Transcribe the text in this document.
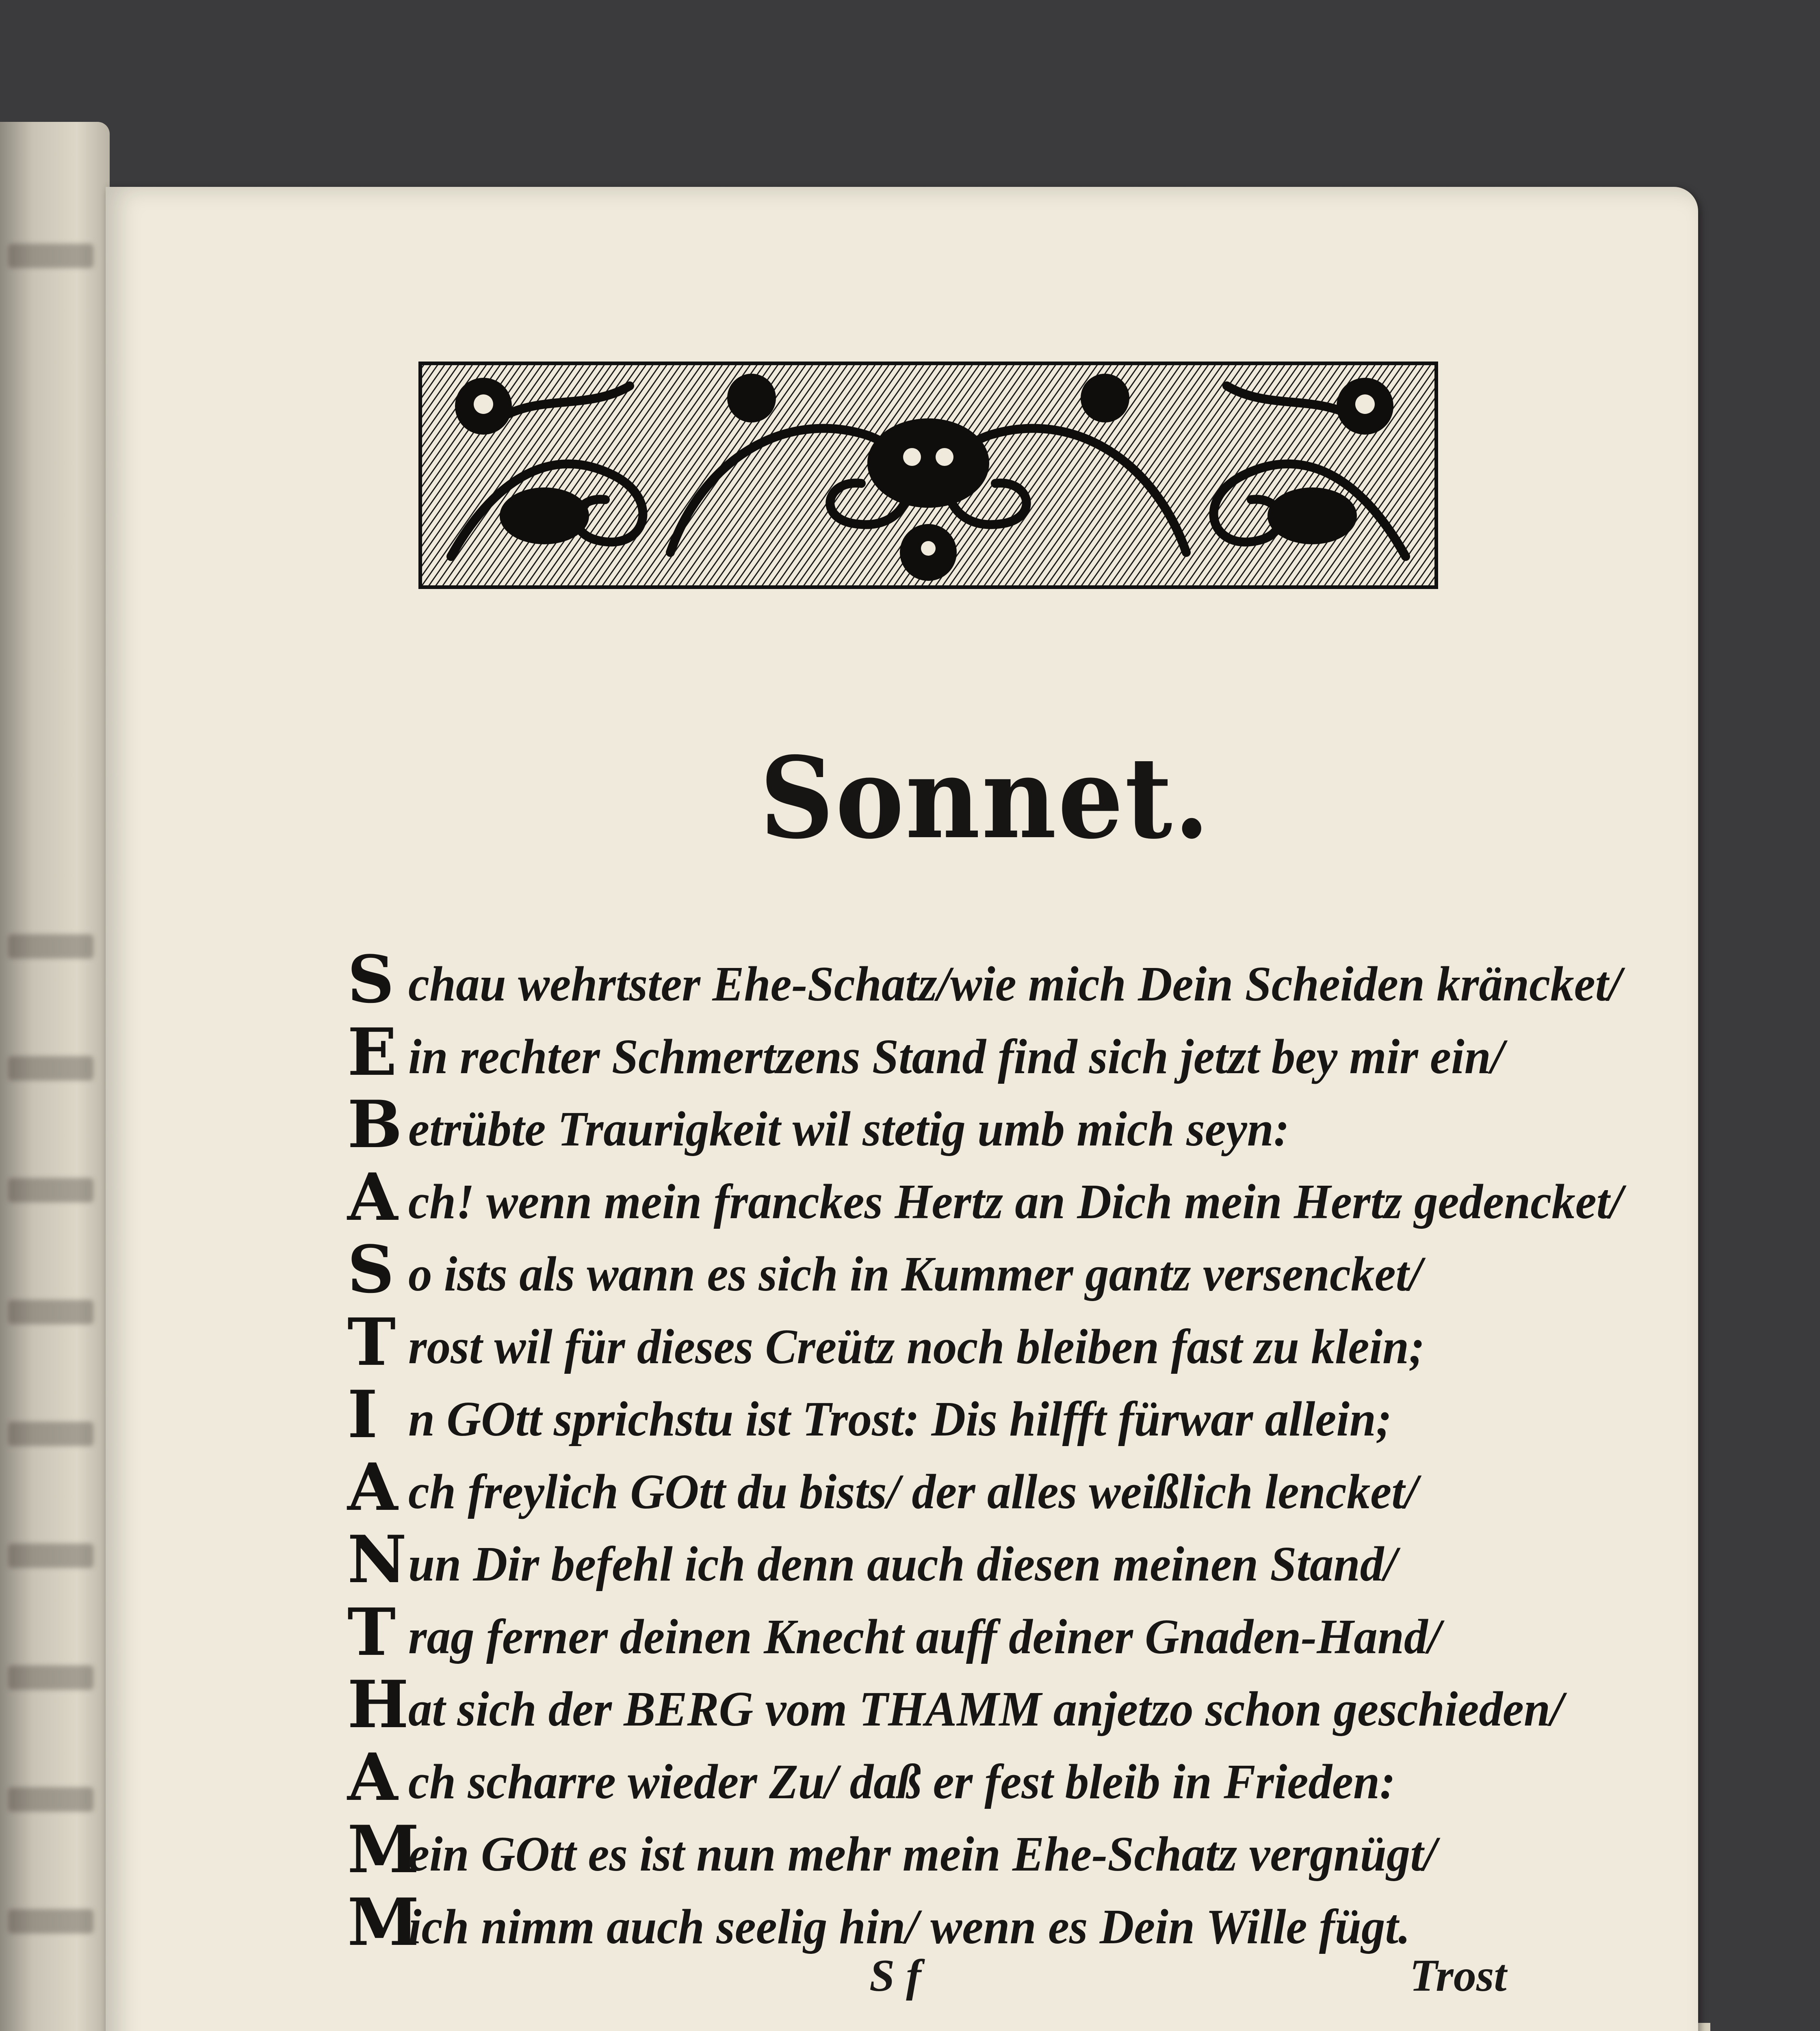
Sonnet.
S chau wehrtster Ehe-Schatz/wie mich Dein Scheiden kräncket/
E in rechter Schmertzens Stand find sich jetzt bey mir ein/
B etrübte Traurigkeit wil stetig umb mich seyn:
A ch! wenn mein franckes Hertz an Dich mein Hertz gedencket/
S o ists als wann es sich in Kummer gantz versencket/
T rost wil für dieses Creütz noch bleiben fast zu klein;
I n GOtt sprichstu ist Trost: Dis hilfft fürwar allein;
A ch freylich GOtt du bists/ der alles weißlich lencket/
N un Dir befehl ich denn auch diesen meinen Stand/
T rag ferner deinen Knecht auff deiner Gnaden-Hand/
H
at sich der BERG vom THAMM anjetzo schon geschieden/
A ch scharre wieder Zu/ daß er fest bleib in Frieden:
M
ein GOtt es ist nun mehr mein Ehe-Schatz vergnügt/
M
ich nimm auch seelig hin/ wenn es Dein Wille fügt.
S f	Trost
